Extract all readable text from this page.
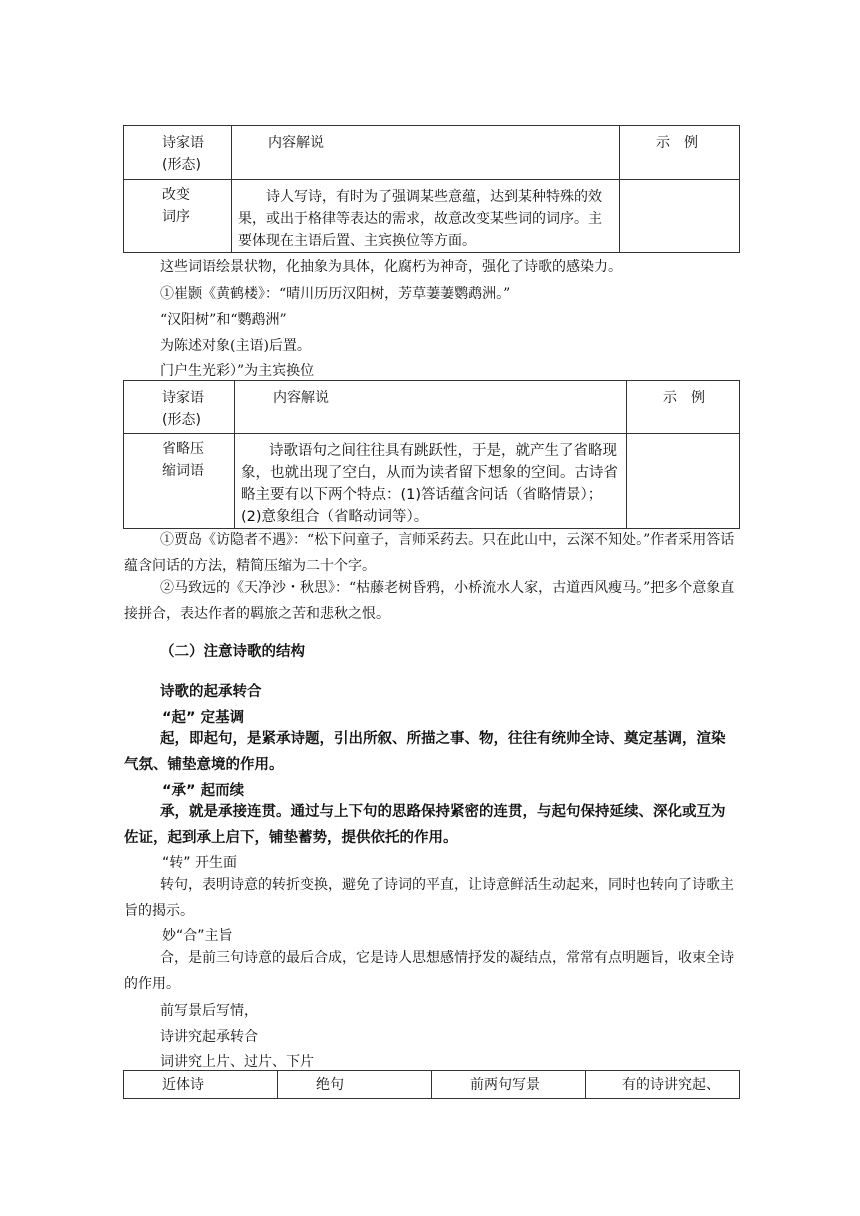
诗家语
(形态)	内容解说	示　例

改变
词序	诗人写诗，有时为了强调某些意蕴，达到某种特殊的效果，或出于格律等表达的需求，故意改变某些词的词序。主要体现在主语后置、主宾换位等方面。	
这些词语绘景状物，化抽象为具体，化腐朽为神奇，强化了诗歌的感染力。
①崔颢《黄鹤楼》：“晴川历历汉阳树，芳草萋萋鹦鹉洲。”
“汉阳树”和“鹦鹉洲”
为陈述对象(主语)后置。
门户生光彩）”为主宾换位
诗家语
(形态)	内容解说	示　例

省略压
缩词语	诗歌语句之间往往具有跳跃性，于是，就产生了省略现象，也就出现了空白，从而为读者留下想象的空间。古诗省略主要有以下两个特点：(1)答话蕴含问话（省略情景）；(2)意象组合（省略动词等）。	
①贾岛《访隐者不遇》：“松下问童子，言师采药去。只在此山中，云深不知处。”作者采用答话蕴含问话的方法，精简压缩为二十个字。
②马致远的《天净沙・秋思》：“枯藤老树昏鸦，小桥流水人家，古道西风瘦马。”把多个意象直接拼合，表达作者的羁旅之苦和悲秋之恨。
（二）注意诗歌的结构
诗歌的起承转合
“起” 定基调
起，即起句，是紧承诗题，引出所叙、所描之事、物，往往有统帅全诗、奠定基调，渲染气氛、铺垫意境的作用。
“承” 起而续
承，就是承接连贯。通过与上下句的思路保持紧密的连贯，与起句保持延续、深化或互为佐证，起到承上启下，铺垫蓄势，提供依托的作用。
“转” 开生面
转句，表明诗意的转折变换，避免了诗词的平直，让诗意鲜活生动起来，同时也转向了诗歌主旨的揭示。
妙“合”主旨
合，是前三句诗意的最后合成，它是诗人思想感情抒发的凝结点，常常有点明题旨，收束全诗的作用。
前写景后写情，
诗讲究起承转合
词讲究上片、过片、下片
近体诗	绝句	前两句写景	有的诗讲究起、
